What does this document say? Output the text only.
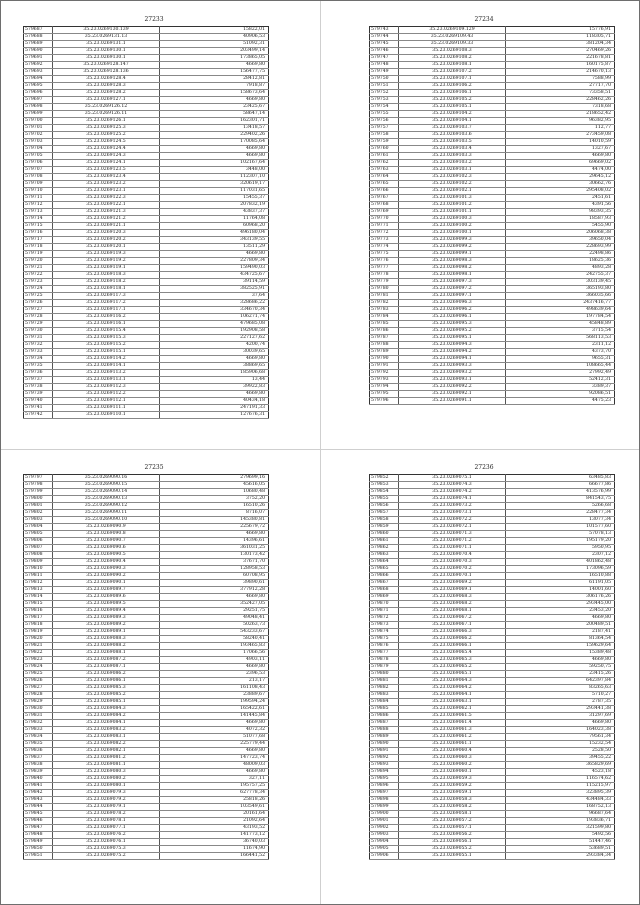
27233	27234
27235	27236
579687	35.23.0269130.139	15822,01
579688	35.23.0269131.13	40906,53
579689	35.23.0269131.1	51092,31
579690	35.23.0269130.1	203499,14
579691	35.23.0269130.1	173865,05
579692	35.23.0269128.147	4669,80
579693	35.23.0269128.136	156477,75
579694	35.23.0269128.4	28412,81
579695	35.23.0269128.3	7918,87
579696	35.23.0269128.2	158673,64
579697	35.23.0269127.1	4669,80
579698	35.23.0269126.12	23425,67
579699	35.23.0269126.11	58647,14
579700	35.23.0269126.1	162301,71
579701	35.23.0269125.3	13418,57
579702	35.23.0269125.2	229402,26
579703	35.23.0269124.5	170085,64
579704	35.23.0269124.4	4669,80
579705	35.23.0269124.3	4669,80
579706	35.23.0269124.1	102167,64
579707	35.23.0269123.5	3448,00
579708	35.23.0269123.4	112307,10
579709	35.23.0269123.2	320619,17
579710	35.23.0269123.1	117031,65
579711	35.23.0269122.3	15455,37
579712	35.23.0269122.1	207832,19
579713	35.23.0269121.3	43837,37
579714	35.23.0269121.2	11764,08
579715	35.23.0269121.1	60968,20
579716	35.23.0269120.3	496180,04
579717	35.23.0269120.2	343139,55
579718	35.23.0269120.1	13511,29
579719	35.23.0269119.3	4669,80
579720	35.23.0269119.2	227809,34
579721	35.23.0269119.1	159490,03
579722	35.23.0269118.3	434725,67
579723	35.23.0269118.2	39114,59
579724	35.23.0269118.1	382525,91
579725	35.23.0269117.3	37,64
579726	35.23.0269117.2	328686,22
579727	35.23.0269117.1	334670,34
579728	35.23.0269116.2	106271,74
579729	35.23.0269116.1	479685,08
579730	35.23.0269115.4	192908,58
579731	35.23.0269115.3	227127,62
579732	35.23.0269115.2	4200,74
579733	35.23.0269115.1	30039,65
579734	35.23.0269114.2	4669,80
579735	35.23.0269114.1	38869,65
579736	35.23.0269113.2	185906,68
579737	35.23.0269113.1	13,44
579738	35.23.0269112.3	39922,83
579739	35.23.0269112.2	4669,80
579740	35.23.0269112.1	40434,18
579741	35.23.0269111.1	247191,33
579742	35.23.0269110.1	127676,31
579743	35.23.0269109.129	15776,91
579744	35.23.0269109.43	118305,71
579745	35.23.0269109.33	381204,34
579746	35.23.0269108.3	270469,26
579747	35.23.0269108.2	221678,81
579748	35.23.0269108.1	160175,87
579749	35.23.0269107.2	214670,13
579750	35.23.0269107.1	7588,99
579751	35.23.0269106.2	27717,70
579752	35.23.0269106.1	73358,51
579753	35.23.0269105.2	228462,26
579754	35.23.0269105.1	7318,68
579755	35.23.0269104.2	218652,42
579756	35.23.0269104.1	96382,95
579757	35.23.0269103.7	112,77
579758	35.23.0269103.6	273459,08
579759	35.23.0269103.5	14010,59
579760	35.23.0269103.4	1327,67
579761	35.23.0269103.3	4669,80
579762	35.23.0269103.2	69669,02
579763	35.23.0269103.1	4474,00
579764	35.23.0269102.3	29645,12
579765	35.23.0269102.2	30662,76
579766	35.23.0269102.1	295408,02
579767	35.23.0269101.3	2451,61
579768	35.23.0269101.2	4391,56
579769	35.23.0269101.1	98393,35
579770	35.23.0269100.3	18587,93
579771	35.23.0269100.2	5455,90
579772	35.23.0269100.1	206068,38
579773	35.23.0269099.3	39650,04
579774	35.23.0269099.2	228693,99
579775	35.23.0269099.1	22498,86
579776	35.23.0269098.3	18625,36
579777	35.23.0269098.2	4893,28
579778	35.23.0269098.1	242755,37
579779	35.23.0269097.3	303139,45
579780	35.23.0269097.2	365193,80
579781	35.23.0269097.1	366035,66
579782	35.23.0269096.3	2437416,77
579783	35.23.0269096.2	498639,64
579784	35.23.0269096.1	197784,54
579785	35.23.0269095.3	45848,89
579786	35.23.0269095.2	3715,54
579787	35.23.0269095.1	568113,53
579788	35.23.0269094.3	2311,12
579789	35.23.0269094.2	4373,70
579790	35.23.0269094.1	9655,31
579791	35.23.0269093.3	108665,44
579792	35.23.0269093.2	27992,49
579793	35.23.0269093.1	52412,31
579794	35.23.0269092.2	3389,37
579795	35.23.0269092.1	92086,51
579796	35.23.0269091.1	4475,23
579797	35.23.0269090.16	279699,16
579798	35.23.0269090.15	45616,05
579799	35.23.0269090.14	10680,48
579800	35.23.0269090.13	3752,20
579801	35.23.0269090.12	16510,26
579802	35.23.0269090.11	8716,07
579803	35.23.0269090.10	145380,81
579804	35.23.0269090.9	225679,72
579805	35.23.0269090.8	4669,80
579806	35.23.0269090.7	14396,61
579807	35.23.0269090.6	361031,25
579808	35.23.0269090.5	130173,42
579809	35.23.0269090.4	37671,70
579810	35.23.0269090.3	128958,53
579811	35.23.0269090.2	60708,95
579812	35.23.0269090.1	39890,61
579813	35.23.0269089.7	377912,28
579814	35.23.0269089.6	4669,80
579815	35.23.0269089.5	352427,05
579816	35.23.0269089.4	29251,75
579817	35.23.0269089.3	49048,41
579818	35.23.0269089.2	50263,73
579819	35.23.0269089.1	543233,67
579820	35.23.0269088.3	58240,41
579821	35.23.0269088.2	193465,83
579822	35.23.0269088.1	17066,56
579823	35.23.0269087.2	4903,11
579824	35.23.0269087.1	4669,80
579825	35.23.0269086.2	2396,53
579826	35.23.0269086.1	213,17
579827	35.23.0269085.3	161108,43
579828	35.23.0269085.2	23889,67
579829	35.23.0269085.1	199594,24
579830	35.23.0269084.3	165422,61
579831	35.23.0269084.2	141445,84
579832	35.23.0269084.1	4669,80
579833	35.23.0269083.2	4072,32
579834	35.23.0269083.1	51077,68
579835	35.23.0269082.2	225779,44
579836	35.23.0269082.1	4669,80
579837	35.23.0269081.2	147723,74
579838	35.23.0269081.1	48009,03
579839	35.23.0269080.3	4669,80
579840	35.23.0269080.2	327,11
579841	35.23.0269080.1	195757,25
579842	35.23.0269079.3	627778,34
579843	35.23.0269079.2	25818,26
579844	35.23.0269079.1	103549,61
579845	35.23.0269078.2	20161,64
579846	35.23.0269078.1	21092,64
579847	35.23.0269077.1	43193,52
579848	35.23.0269076.2	141773,12
579849	35.23.0269076.1	36740,03
579850	35.23.0269075.3	11674,90
579851	35.23.0269075.2	166441,52
579852	35.23.0269075.1	63485,83
579853	35.23.0269074.3	66677,86
579854	35.23.0269074.2	413576,99
579855	35.23.0269074.1	841543,75
579856	35.23.0269073.2	5266,68
579857	35.23.0269073.1	228477,34
579858	35.23.0269072.2	13077,34
579859	35.23.0269072.1	101577,60
579860	35.23.0269071.3	57078,13
579861	35.23.0269071.2	195179,20
579862	35.23.0269071.1	5950,95
579863	35.23.0269070.4	2307,12
579864	35.23.0269070.3	401862,48
579865	35.23.0269070.2	173096,59
579866	35.23.0269070.1	16510,88
579867	35.23.0269069.2	61191,05
579868	35.23.0269069.1	14001,60
579869	35.23.0269068.3	306176,26
579870	35.23.0269068.2	293445,00
579871	35.23.0269068.1	23453,20
579872	35.23.0269067.2	4669,80
579873	35.23.0269067.1	200489,51
579874	35.23.0269066.3	2187,41
579875	35.23.0269066.2	81364,54
579876	35.23.0269066.1	159629,64
579877	35.23.0269065.4	15389,48
579878	35.23.0269065.3	4669,80
579879	35.23.0269065.2	59250,75
579880	35.23.0269065.1	23415,26
579881	35.23.0269064.3	642397,84
579882	35.23.0269064.2	83265,63
579883	35.23.0269064.1	5710,27
579884	35.23.0269063.1	2787,35
579885	35.23.0269062.1	293441,38
579886	35.23.0269061.5	31297,69
579887	35.23.0269061.4	4669,80
579888	35.23.0269061.3	164023,38
579889	35.23.0269061.2	79561,34
579890	35.23.0269061.1	15232,54
579891	35.23.0269060.4	2528,50
579892	35.23.0269060.3	39455,22
579893	35.23.0269060.2	365829,69
579894	35.23.0269060.1	4523,18
579895	35.23.0269059.3	116574,62
579896	35.23.0269059.2	115215,97
579897	35.23.0269059.1	323895,39
579898	35.23.0269058.3	434484,33
579899	35.23.0269058.2	168752,13
579900	35.23.0269058.1	96687,64
579901	35.23.0269057.2	193836,71
579902	35.23.0269057.1	321599,80
579903	35.23.0269056.2	5492,56
579904	35.23.0269056.1	51447,46
579905	35.23.0269055.2	53689,51
579906	35.23.0269055.1	293384,34
